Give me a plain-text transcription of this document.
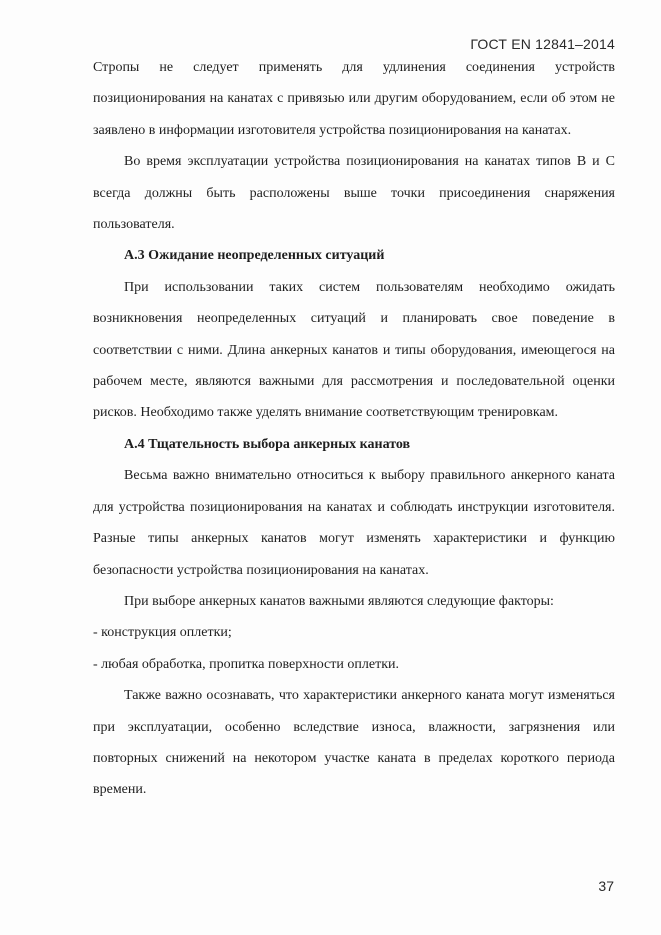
ГОСТ EN 12841–2014

Стропы не следует применять для удлинения соединения устройств позиционирования на канатах с привязью или другим оборудованием, если об этом не заявлено в информации изготовителя устройства позиционирования на канатах.

Во время эксплуатации устройства позиционирования на канатах типов В и С всегда должны быть расположены выше точки присоединения снаряжения пользователя.

А.3 Ожидание неопределенных ситуаций

При использовании таких систем пользователям необходимо ожидать возникновения неопределенных ситуаций и планировать свое поведение в соответствии с ними. Длина анкерных канатов и типы оборудования, имеющегося на рабочем месте, являются важными для рассмотрения и последовательной оценки рисков. Необходимо также уделять внимание соответствующим тренировкам.

А.4 Тщательность выбора анкерных канатов

Весьма важно внимательно относиться к выбору правильного анкерного каната для устройства позиционирования на канатах и соблюдать инструкции изготовителя. Разные типы анкерных канатов могут изменять характеристики и функцию безопасности устройства позиционирования на канатах.

При выборе анкерных канатов важными являются следующие факторы:

- конструкция оплетки;

- любая обработка, пропитка поверхности оплетки.

Также важно осознавать, что характеристики анкерного каната могут изменяться при эксплуатации, особенно вследствие износа, влажности, загрязнения или повторных снижений на некотором участке каната в пределах короткого периода времени.

37
